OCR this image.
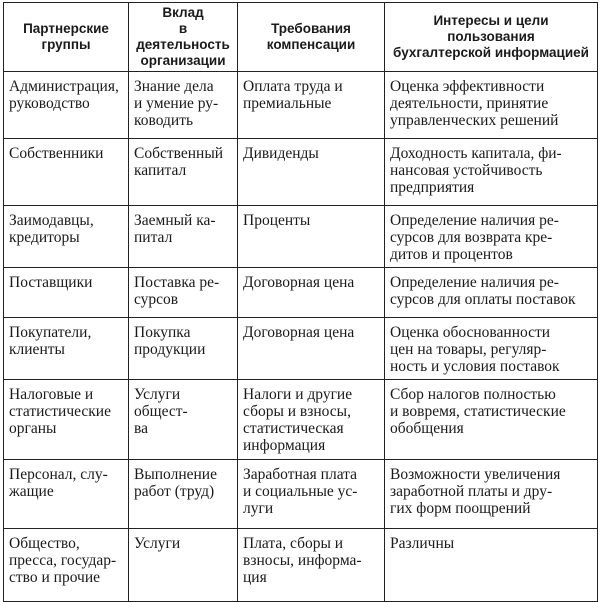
Партнерские
группы	Вклад
в деятельность
организации	Требования
компенсации	Интересы и цели пользования
бухгалтерской информацией

Администрация,
руководство	Знание дела
и умение ру-
ководить	Оплата труда и
премиальные	Оценка эффективности
деятельности, принятие
управленческих решений

Собственники	Собственный
капитал	Дивиденды	Доходность капитала, фи-
нансовая устойчивость
предприятия

Заимодавцы,
кредиторы	Заемный ка-
питал	Проценты	Определение наличия ре-
сурсов для возврата кре-
дитов и процентов

Поставщики	Поставка ре-
сурсов	Договорная цена	Определение наличия ре-
сурсов для оплаты поставок

Покупатели,
клиенты	Покупка
продукции	Договорная цена	Оценка обоснованности
цен на товары, регуляр-
ность и условия поставок

Налоговые и
статистические
органы	Услуги общест-
ва	Налоги и другие
сборы и взносы,
статистическая
информация	Сбор налогов полностью
и вовремя, статистические
обобщения

Персонал, слу-
жащие	Выполнение
работ (труд)	Заработная плата
и социальные ус-
луги	Возможности увеличения
заработной платы и дру-
гих форм поощрений

Общество,
пресса, государ-
ство и прочие	Услуги	Плата, сборы и
взносы, информа-
ция	Различны
